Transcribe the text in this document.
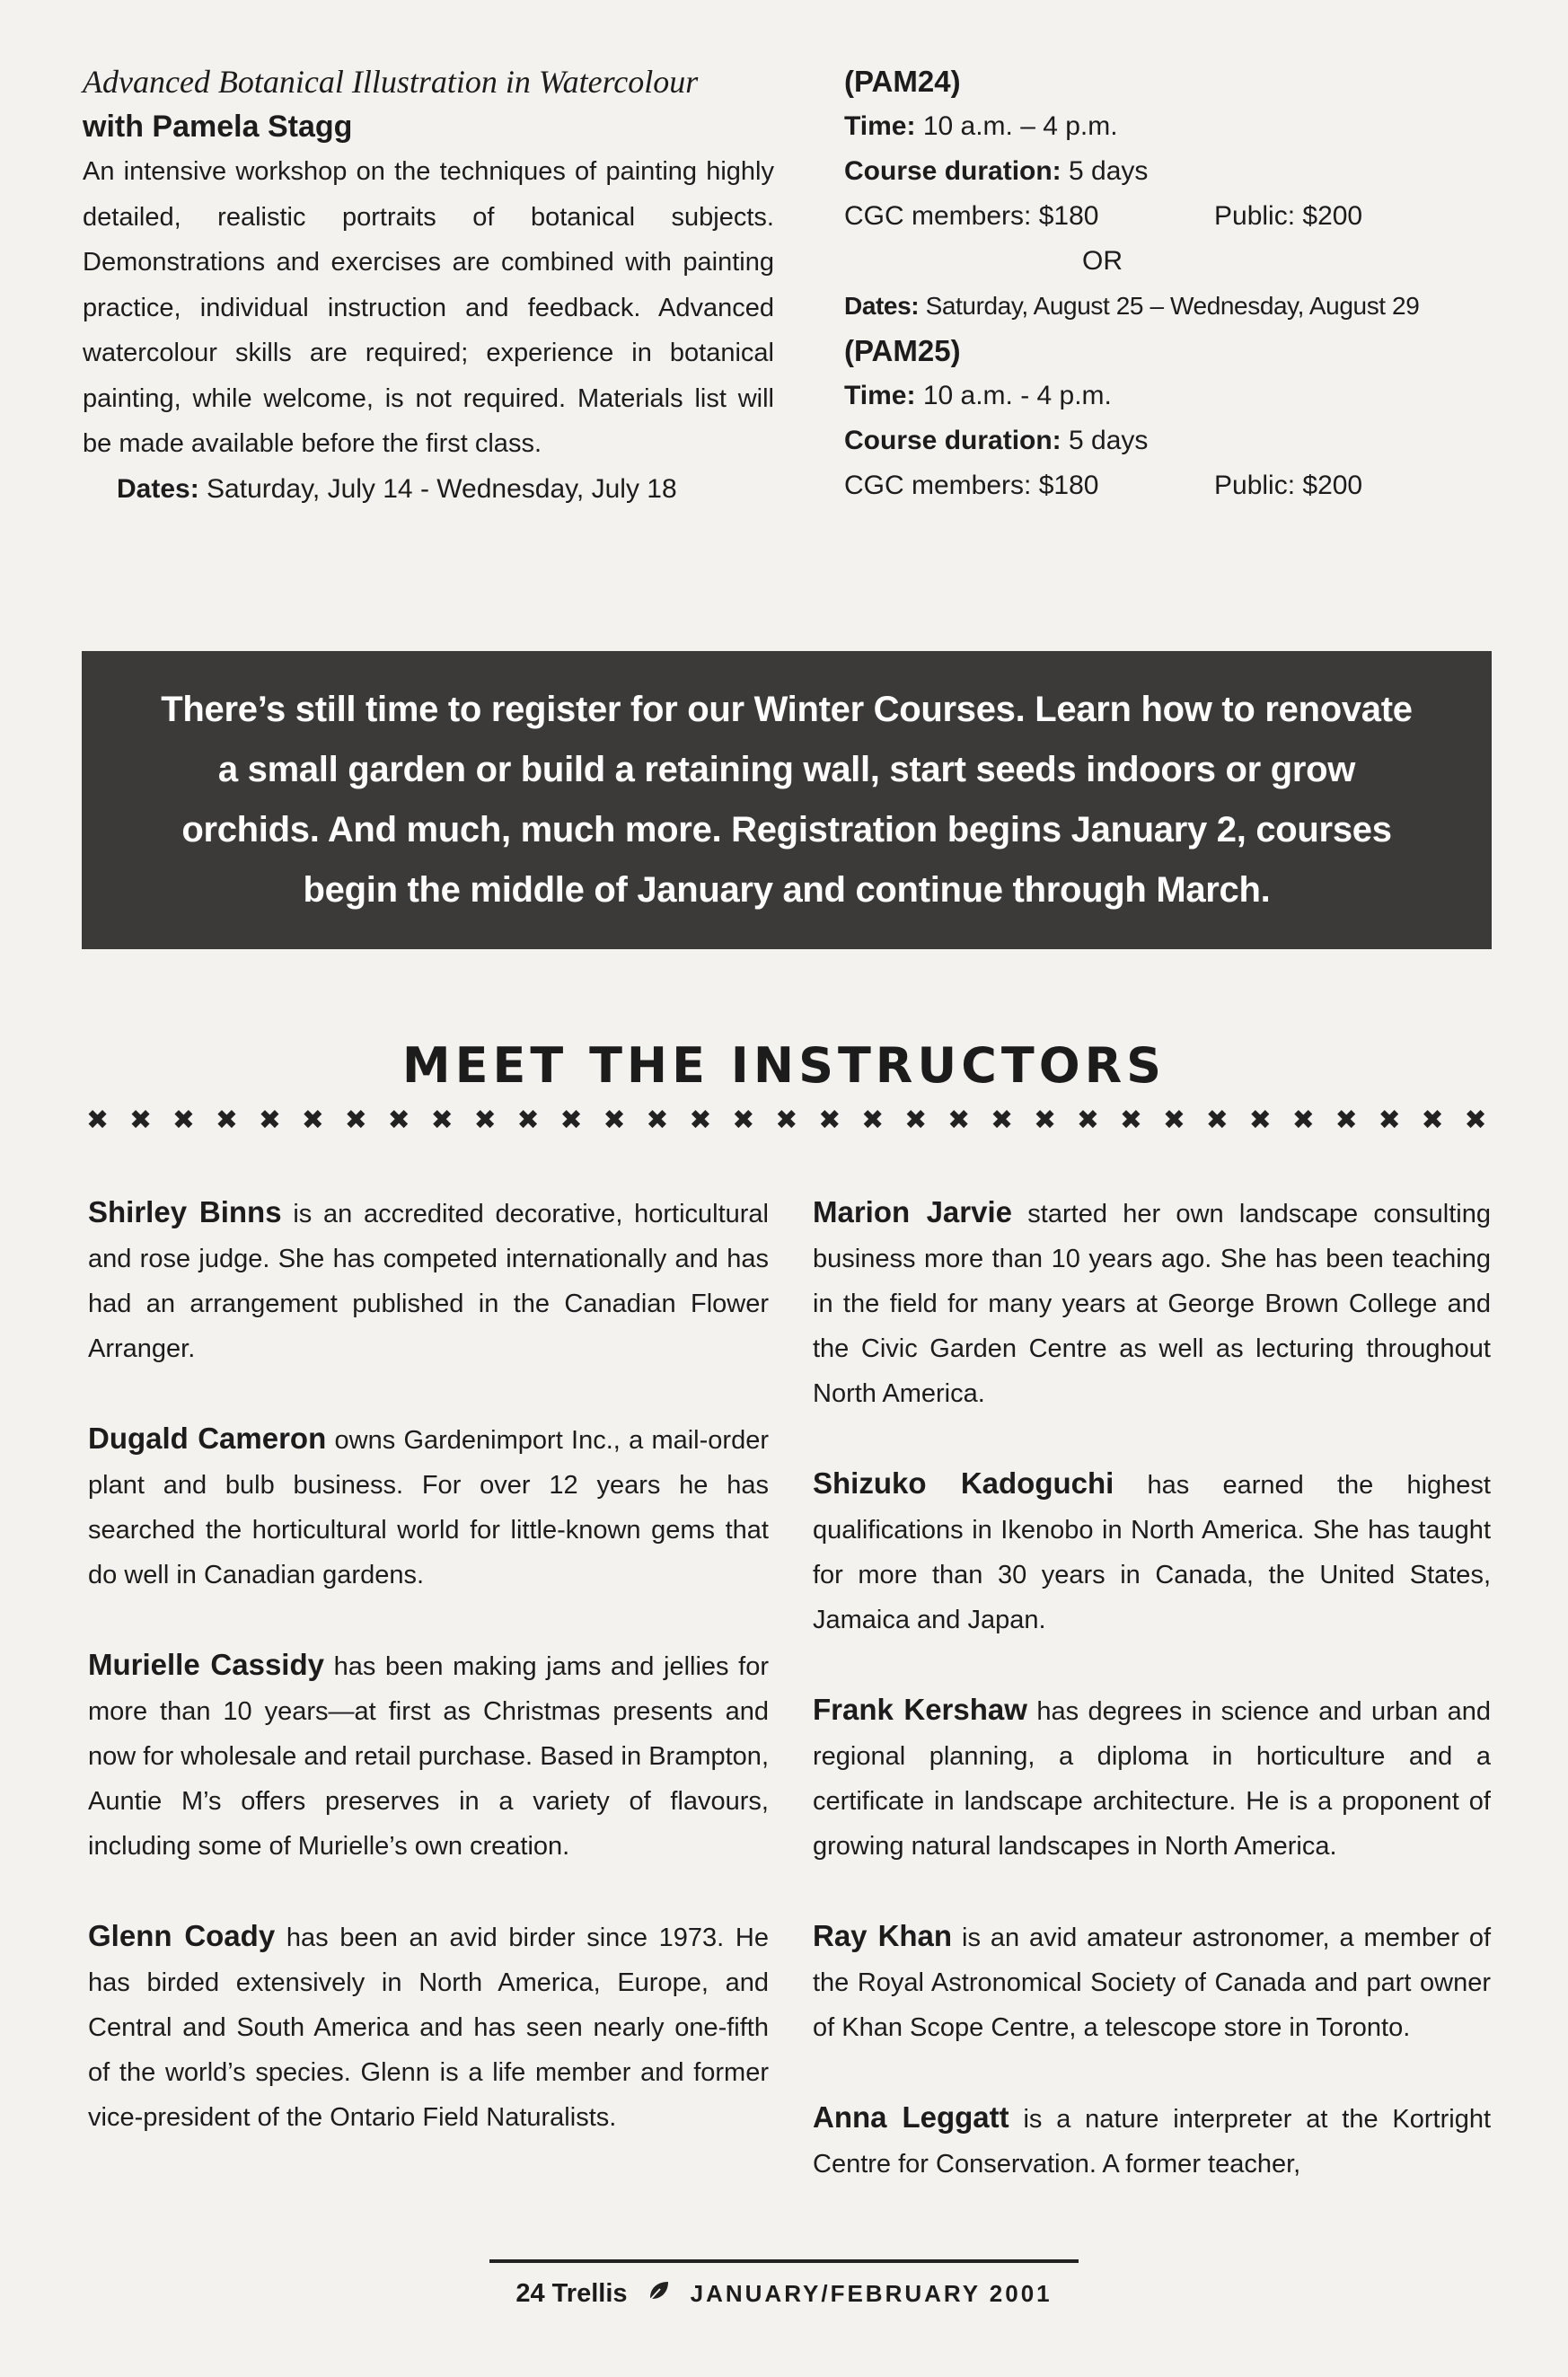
Advanced Botanical Illustration in Watercolour

with Pamela Stagg

An intensive workshop on the techniques of painting highly detailed, realistic portraits of botanical subjects. Demonstrations and exercises are combined with painting practice, individual instruction and feedback. Advanced watercolour skills are required; experience in botanical painting, while welcome, is not required. Materials list will be made available before the first class.

Dates: Saturday, July 14 - Wednesday, July 18

(PAM24)

Time: 10 a.m. – 4 p.m.

Course duration: 5 days

CGC members: $180	Public: $200

OR

Dates: Saturday, August 25 – Wednesday, August 29

(PAM25)

Time: 10 a.m. - 4 p.m.

Course duration: 5 days

CGC members: $180	Public: $200

There’s still time to register for our Winter Courses. Learn how to renovate a small garden or build a retaining wall, start seeds indoors or grow orchids. And much, much more. Registration begins January 2, courses begin the middle of January and continue through March.

MEET THE INSTRUCTORS
✖ ✖ ✖ ✖ ✖ ✖ ✖ ✖ ✖ ✖ ✖ ✖ ✖ ✖ ✖ ✖ ✖ ✖ ✖ ✖ ✖ ✖ ✖ ✖ ✖ ✖ ✖ ✖ ✖ ✖ ✖ ✖ ✖

Shirley Binns is an accredited decorative, horticultural and rose judge. She has competed internationally and has had an arrangement published in the Canadian Flower Arranger.

Dugald Cameron owns Gardenimport Inc., a mail-order plant and bulb business. For over 12 years he has searched the horticultural world for little-known gems that do well in Canadian gardens.

Murielle Cassidy has been making jams and jellies for more than 10 years—at first as Christmas presents and now for wholesale and retail purchase. Based in Brampton, Auntie M’s offers preserves in a variety of flavours, including some of Murielle’s own creation.

Glenn Coady has been an avid birder since 1973. He has birded extensively in North America, Europe, and Central and South America and has seen nearly one-fifth of the world’s species. Glenn is a life member and former vice-president of the Ontario Field Naturalists.

Marion Jarvie started her own landscape consulting business more than 10 years ago. She has been teaching in the field for many years at George Brown College and the Civic Garden Centre as well as lecturing throughout North America.

Shizuko Kadoguchi has earned the highest qualifications in Ikenobo in North America. She has taught for more than 30 years in Canada, the United States, Jamaica and Japan.

Frank Kershaw has degrees in science and urban and regional planning, a diploma in horticulture and a certificate in landscape architecture. He is a proponent of growing natural landscapes in North America.

Ray Khan is an avid amateur astronomer, a member of the Royal Astronomical Society of Canada and part owner of Khan Scope Centre, a telescope store in Toronto.

Anna Leggatt is a nature interpreter at the Kortright Centre for Conservation. A former teacher,

24 Trellis	JANUARY/FEBRUARY 2001
